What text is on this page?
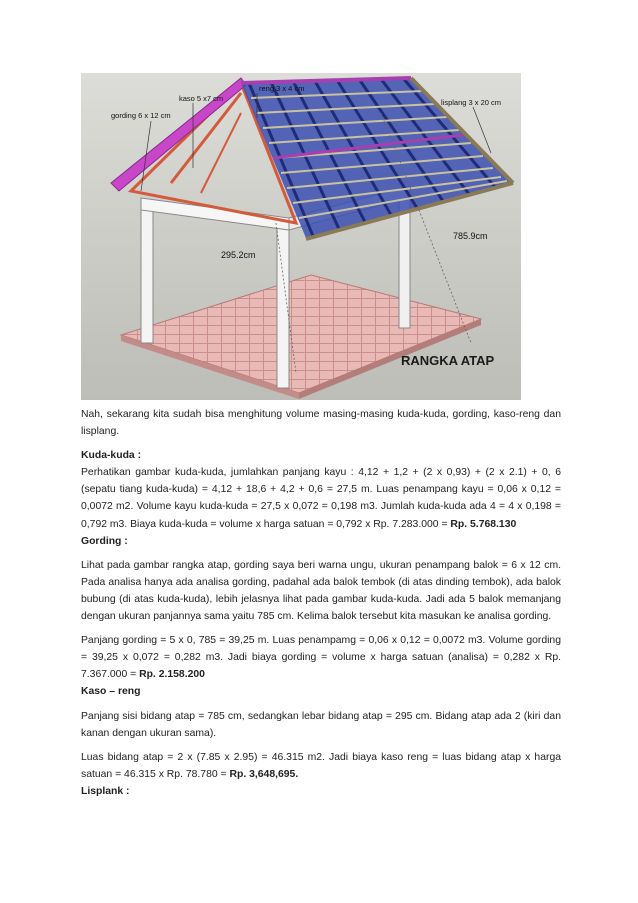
gording 6 x 12 cm
kaso 5 x7 cm
reng 3 x 4 cm
lisplang 3 x 20 cm
295.2cm
785.9cm
RANGKA ATAP

Nah, sekarang kita sudah bisa menghitung volume masing-masing kuda-kuda, gording, kaso-reng dan lisplang.

Kuda-kuda :

Perhatikan gambar kuda-kuda, jumlahkan panjang kayu : 4,12 + 1,2 + (2 x 0,93) + (2 x 2.1) + 0, 6 (sepatu tiang kuda-kuda) = 4,12 + 18,6 + 4,2 + 0,6 = 27,5 m. Luas penampang kayu = 0,06 x 0,12 = 0,0072 m2. Volume kayu kuda-kuda = 27,5 x 0,072 = 0,198 m3. Jumlah kuda-kuda ada 4 = 4 x 0,198 = 0,792 m3. Biaya kuda-kuda = volume x harga satuan = 0,792 x Rp. 7.283.000 = Rp. 5.768.130

Gording :

Lihat pada gambar rangka atap, gording saya beri warna ungu, ukuran penampang balok = 6 x 12 cm. Pada analisa hanya ada analisa gording, padahal ada balok tembok (di atas dinding tembok), ada balok bubung (di atas kuda-kuda), lebih jelasnya lihat pada gambar kuda-kuda. Jadi ada 5 balok memanjang dengan ukuran panjannya sama yaitu 785 cm. Kelima balok tersebut kita masukan ke analisa gording.

Panjang gording = 5 x 0, 785 = 39,25 m. Luas penampamg = 0,06 x 0,12 = 0,0072 m3. Volume gording = 39,25 x 0,072 = 0,282 m3. Jadi biaya gording = volume x harga satuan (analisa) = 0,282 x Rp. 7.367.000 = Rp. 2.158.200

Kaso – reng

Panjang sisi bidang atap = 785 cm, sedangkan lebar bidang atap = 295 cm. Bidang atap ada 2 (kiri dan kanan dengan ukuran sama).

Luas bidang atap = 2 x (7.85 x 2.95) = 46.315 m2. Jadi biaya kaso reng = luas bidang atap x harga satuan = 46.315 x Rp. 78.780 = Rp. 3,648,695.

Lisplank :
